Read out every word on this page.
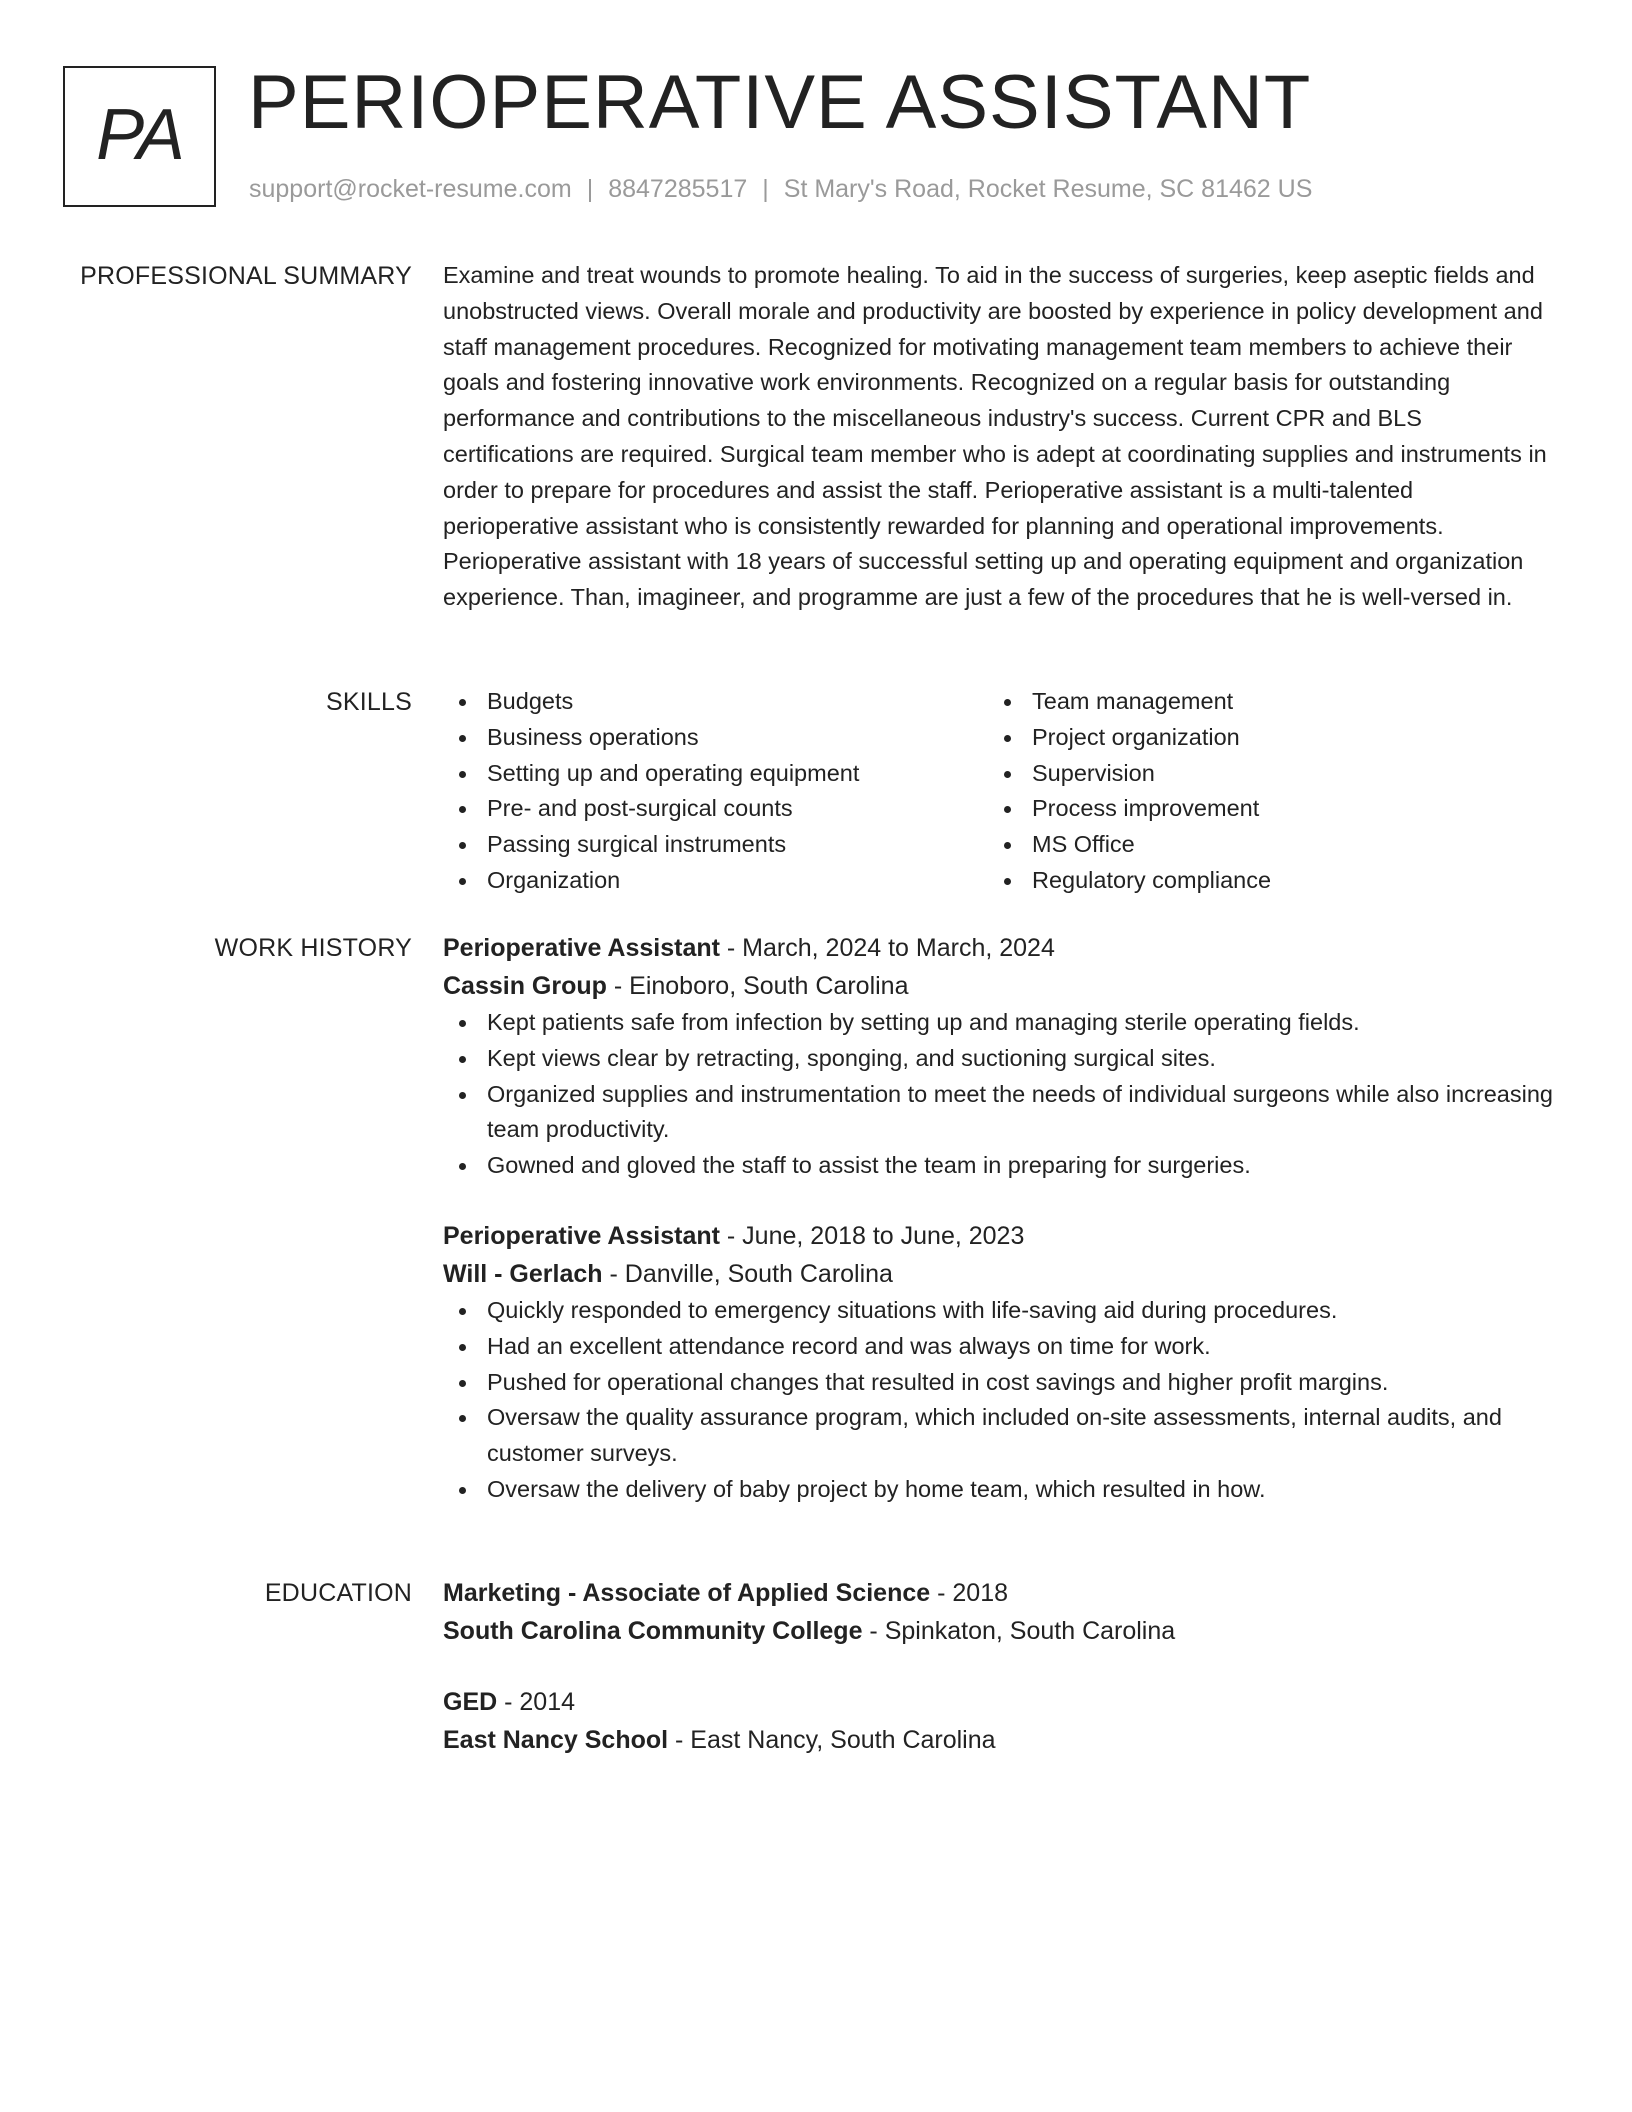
PA PERIOPERATIVE ASSISTANT
support@rocket-resume.com | 8847285517 | St Mary's Road, Rocket Resume, SC 81462 US
PROFESSIONAL SUMMARY Examine and treat wounds to promote healing. To aid in the success of surgeries, keep aseptic fields and unobstructed views. Overall morale and productivity are boosted by experience in policy development and staff management procedures. Recognized for motivating management team members to achieve their goals and fostering innovative work environments. Recognized on a regular basis for outstanding performance and contributions to the miscellaneous industry's success. Current CPR and BLS certifications are required. Surgical team member who is adept at coordinating supplies and instruments in order to prepare for procedures and assist the staff. Perioperative assistant is a multi-talented perioperative assistant who is consistently rewarded for planning and operational improvements. Perioperative assistant with 18 years of successful setting up and operating equipment and organization experience. Than, imagineer, and programme are just a few of the procedures that he is well-versed in.

SKILLS	Budgets
Business operations
Setting up and operating equipment
Pre- and post-surgical counts
Passing surgical instruments
Organization
Team management
Project organization
Supervision
Process improvement
MS Office
Regulatory compliance
WORK HISTORY Perioperative Assistant - March, 2024 to March, 2024
Cassin Group - Einoboro, South Carolina
Kept patients safe from infection by setting up and managing sterile operating fields.
Kept views clear by retracting, sponging, and suctioning surgical sites.
Organized supplies and instrumentation to meet the needs of individual surgeons while also increasing team productivity.
Gowned and gloved the staff to assist the team in preparing for surgeries.
Perioperative Assistant - June, 2018 to June, 2023
Will - Gerlach - Danville, South Carolina
Quickly responded to emergency situations with life-saving aid during procedures.
Had an excellent attendance record and was always on time for work.
Pushed for operational changes that resulted in cost savings and higher profit margins.
Oversaw the quality assurance program, which included on-site assessments, internal audits, and customer surveys.
Oversaw the delivery of baby project by home team, which resulted in how.
EDUCATION Marketing - Associate of Applied Science - 2018
South Carolina Community College - Spinkaton, South Carolina
GED - 2014
East Nancy School - East Nancy, South Carolina
